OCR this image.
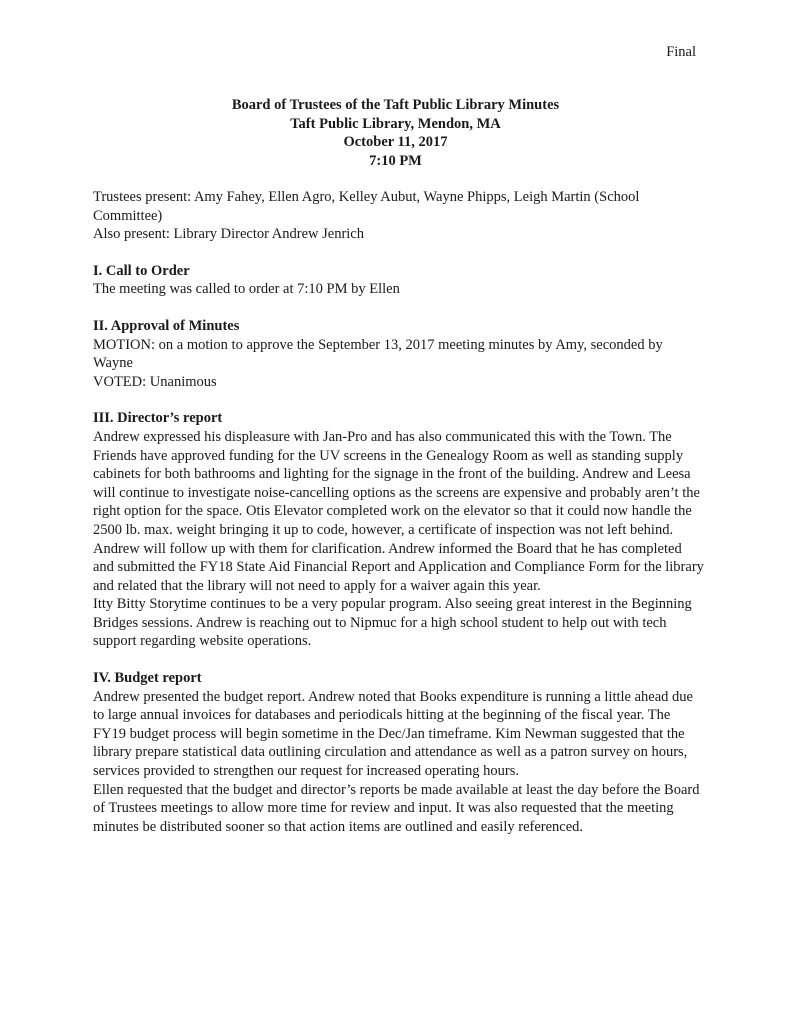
Final
Board of Trustees of the Taft Public Library Minutes
Taft Public Library, Mendon, MA
October 11, 2017
7:10 PM

Trustees present: Amy Fahey, Ellen Agro, Kelley Aubut, Wayne Phipps, Leigh Martin (School Committee)

Also present: Library Director Andrew Jenrich

I. Call to Order

The meeting was called to order at 7:10 PM by Ellen

II. Approval of Minutes

MOTION: on a motion to approve the September 13, 2017 meeting minutes by Amy, seconded by Wayne

VOTED: Unanimous

III. Director’s report

Andrew expressed his displeasure with Jan-Pro and has also communicated this with the Town. The Friends have approved funding for the UV screens in the Genealogy Room as well as standing supply cabinets for both bathrooms and lighting for the signage in the front of the building. Andrew and Leesa will continue to investigate noise-cancelling options as the screens are expensive and probably aren’t the right option for the space. Otis Elevator completed work on the elevator so that it could now handle the 2500 lb. max. weight bringing it up to code, however, a certificate of inspection was not left behind. Andrew will follow up with them for clarification. Andrew informed the Board that he has completed and submitted the FY18 State Aid Financial Report and Application and Compliance Form for the library and related that the library will not need to apply for a waiver again this year.

Itty Bitty Storytime continues to be a very popular program. Also seeing great interest in the Beginning Bridges sessions. Andrew is reaching out to Nipmuc for a high school student to help out with tech support regarding website operations.

IV. Budget report

Andrew presented the budget report. Andrew noted that Books expenditure is running a little ahead due to large annual invoices for databases and periodicals hitting at the beginning of the fiscal year. The FY19 budget process will begin sometime in the Dec/Jan timeframe. Kim Newman suggested that the library prepare statistical data outlining circulation and attendance as well as a patron survey on hours, services provided to strengthen our request for increased operating hours.

Ellen requested that the budget and director’s reports be made available at least the day before the Board of Trustees meetings to allow more time for review and input. It was also requested that the meeting minutes be distributed sooner so that action items are outlined and easily referenced.
